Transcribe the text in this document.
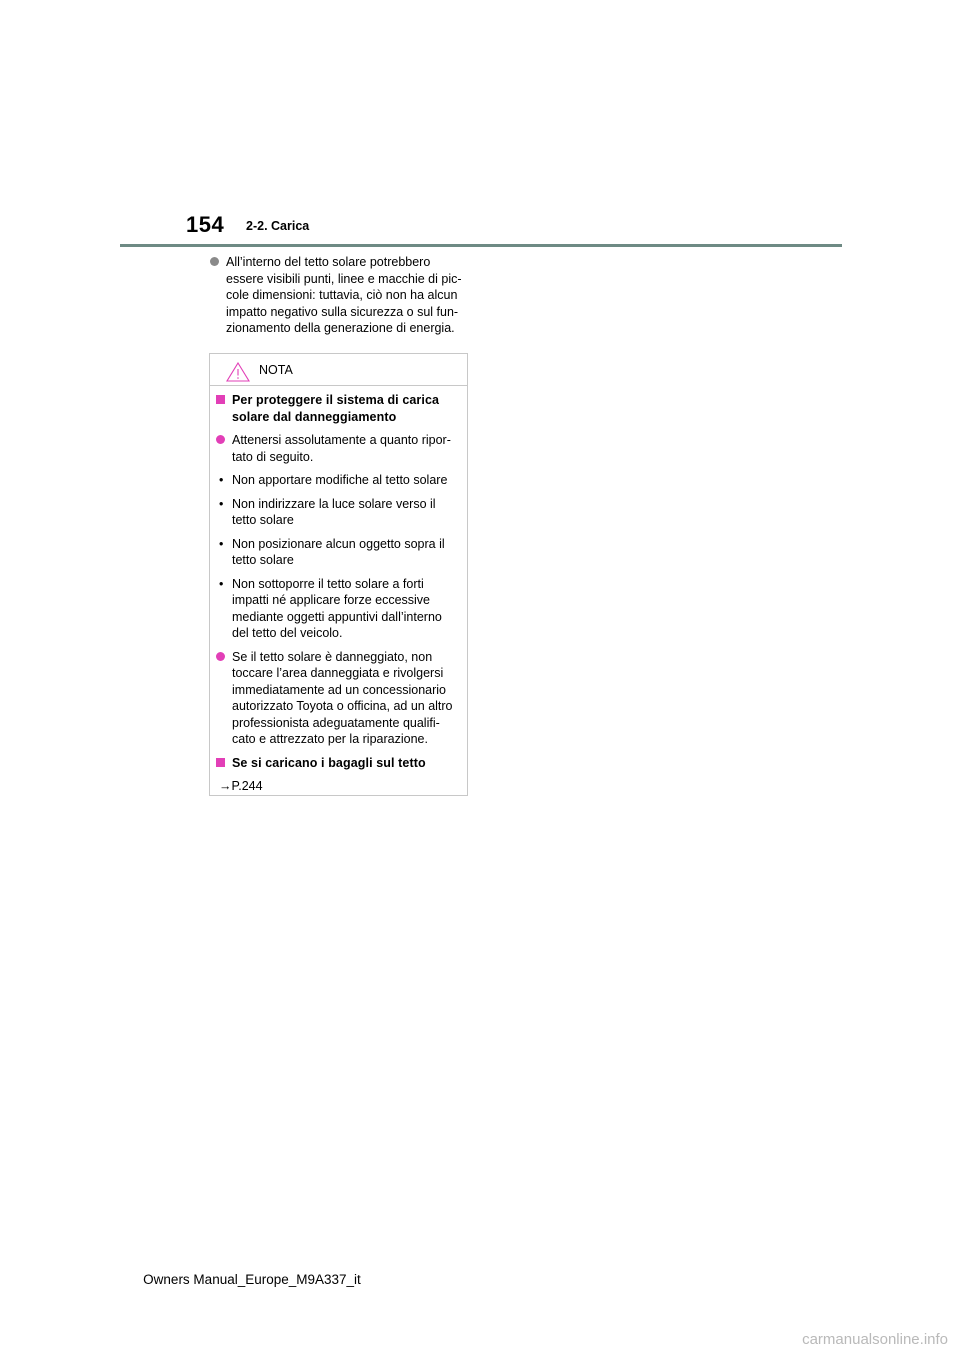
154 2-2. Carica
All’interno del tetto solare potrebbero
essere visibili punti, linee e macchie di pic-
cole dimensioni: tuttavia, ciò non ha alcun
impatto negativo sulla sicurezza o sul fun-
zionamento della generazione di energia.
NOTA
Per proteggere il sistema di carica
solare dal danneggiamento
Attenersi assolutamente a quanto ripor-
tato di seguito.
• Non apportare modifiche al tetto solare
• Non indirizzare la luce solare verso il
tetto solare
• Non posizionare alcun oggetto sopra il
tetto solare
• Non sottoporre il tetto solare a forti
impatti né applicare forze eccessive
mediante oggetti appuntivi dall’interno
del tetto del veicolo.
Se il tetto solare è danneggiato, non
toccare l’area danneggiata e rivolgersi
immediatamente ad un concessionario
autorizzato Toyota o officina, ad un altro
professionista adeguatamente qualifi-
cato e attrezzato per la riparazione.
Se si caricano i bagagli sul tetto
→P.244
Owners Manual_Europe_M9A337_it
carmanualsonline.info
